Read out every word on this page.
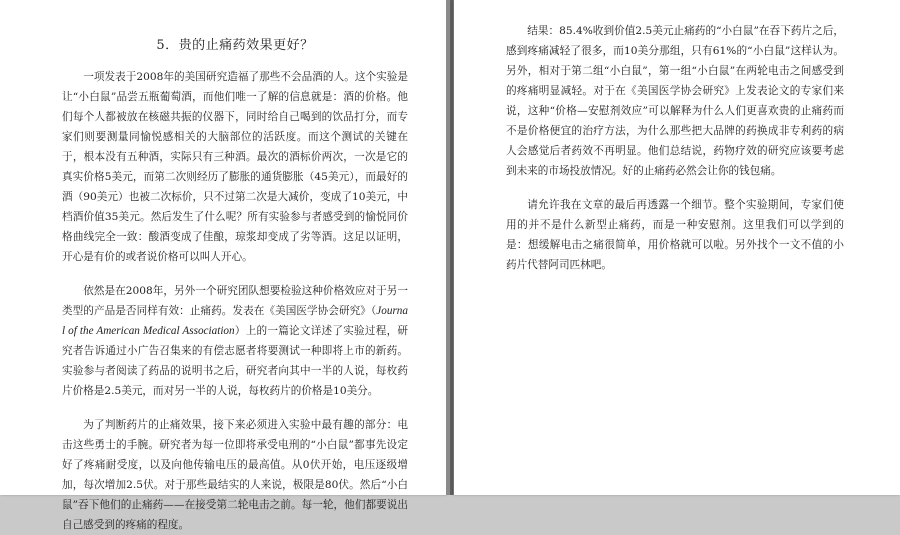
5．贵的止痛药效果更好？

一项发表于2008年的美国研究造福了那些不会品酒的人。这个实验是让“小白鼠”品尝五瓶葡萄酒，而他们唯一了解的信息就是：酒的价格。他们每个人都被放在核磁共振的仪器下，同时给自己喝到的饮品打分，而专家们则要测量同愉悦感相关的大脑部位的活跃度。而这个测试的关键在于，根本没有五种酒，实际只有三种酒。最次的酒标价两次，一次是它的真实价格5美元，而第二次则经历了膨胀的通货膨胀（45美元），而最好的酒（90美元）也被二次标价，只不过第二次是大减价，变成了10美元，中档酒价值35美元。然后发生了什么呢？所有实验参与者感受到的愉悦同价格曲线完全一致：酸酒变成了佳酿，琼浆却变成了劣等酒。这足以证明，开心是有价的或者说价格可以叫人开心。

依然是在2008年，另外一个研究团队想要检验这种价格效应对于另一类型的产品是否同样有效：止痛药。发表在《美国医学协会研究》（Journal of the American Medical Association）上的一篇论文详述了实验过程，研究者告诉通过小广告召集来的有偿志愿者将要测试一种即将上市的新药。实验参与者阅读了药品的说明书之后，研究者向其中一半的人说，每枚药片价格是2.5美元，而对另一半的人说，每枚药片的价格是10美分。

为了判断药片的止痛效果，接下来必须进入实验中最有趣的部分：电击这些勇士的手腕。研究者为每一位即将承受电刑的“小白鼠”都事先设定好了疼痛耐受度，以及向他传输电压的最高值。从0伏开始，电压逐级增加，每次增加2.5伏。对于那些最结实的人来说，极限是80伏。然后“小白鼠”吞下他们的止痛药——在接受第二轮电击之前。每一轮，他们都要说出自己感受到的疼痛的程度。

结果：85.4%收到价值2.5美元止痛药的“小白鼠”在吞下药片之后，感到疼痛减轻了很多，而10美分那组，只有61%的“小白鼠”这样认为。另外，相对于第二组“小白鼠”，第一组“小白鼠”在两轮电击之间感受到的疼痛明显减轻。对于在《美国医学协会研究》上发表论文的专家们来说，这种“价格—安慰剂效应”可以解释为什么人们更喜欢贵的止痛药而不是价格便宜的治疗方法，为什么那些把大品牌的药换成非专利药的病人会感觉后者药效不再明显。他们总结说，药物疗效的研究应该要考虑到未来的市场投放情况。好的止痛药必然会让你的钱包痛。

请允许我在文章的最后再透露一个细节。整个实验期间，专家们使用的并不是什么新型止痛药，而是一种安慰剂。这里我们可以学到的是：想缓解电击之痛很简单，用价格就可以啦。另外找个一文不值的小药片代替阿司匹林吧。
